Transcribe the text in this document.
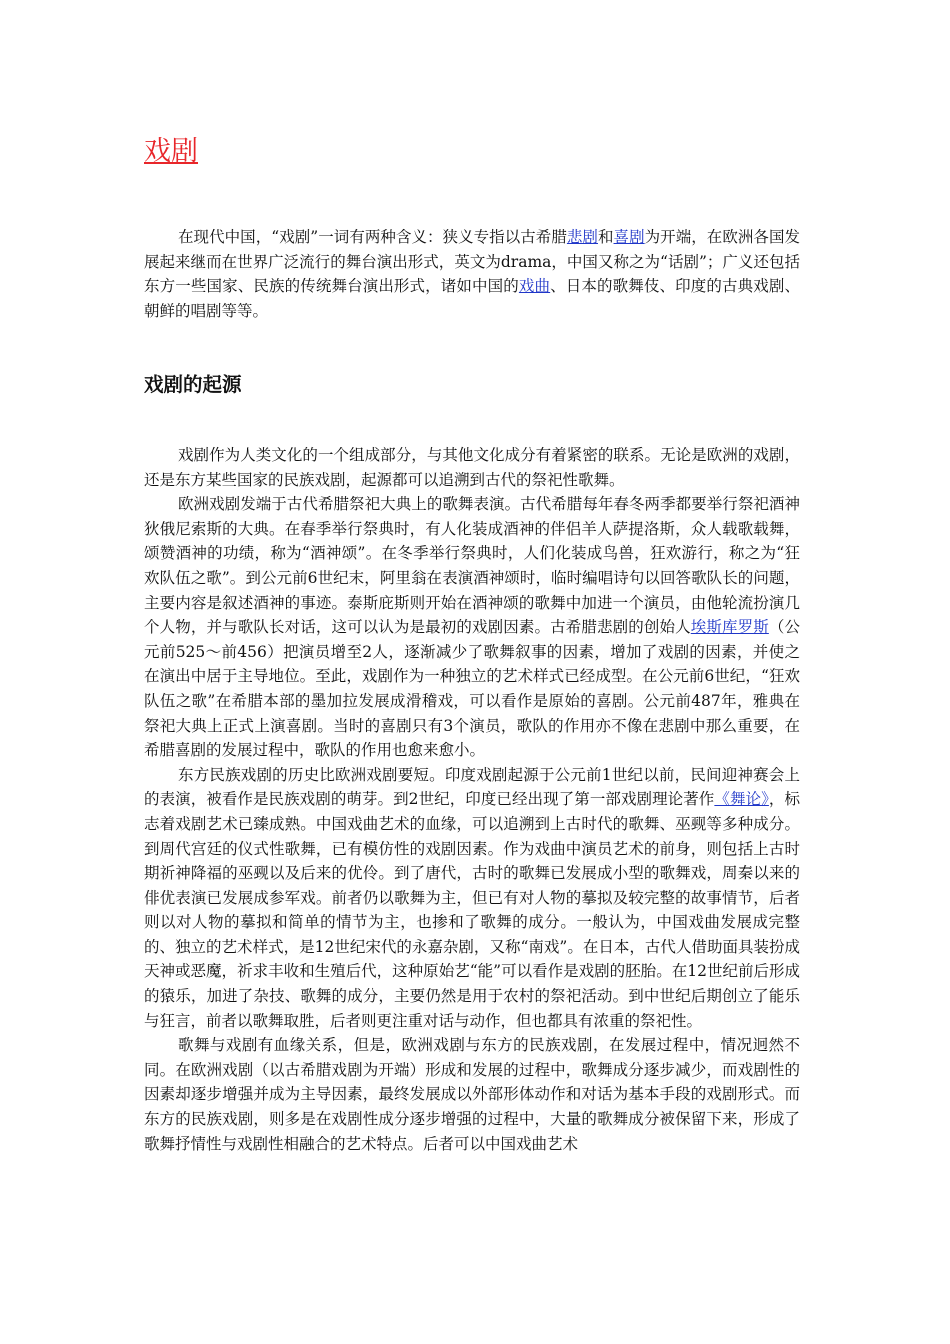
戏剧

在现代中国，“戏剧”一词有两种含义：狭义专指以古希腊悲剧和喜剧为开端，在欧洲各国发展起来继而在世界广泛流行的舞台演出形式，英文为drama，中国又称之为“话剧”；广义还包括东方一些国家、民族的传统舞台演出形式，诸如中国的戏曲、日本的歌舞伎、印度的古典戏剧、朝鲜的唱剧等等。

戏剧的起源

戏剧作为人类文化的一个组成部分，与其他文化成分有着紧密的联系。无论是欧洲的戏剧，还是东方某些国家的民族戏剧，起源都可以追溯到古代的祭祀性歌舞。

欧洲戏剧发端于古代希腊祭祀大典上的歌舞表演。古代希腊每年春冬两季都要举行祭祀酒神狄俄尼索斯的大典。在春季举行祭典时，有人化装成酒神的伴侣羊人萨提洛斯，众人载歌载舞，颂赞酒神的功绩，称为“酒神颂”。在冬季举行祭典时，人们化装成鸟兽，狂欢游行，称之为“狂欢队伍之歌”。到公元前6世纪末，阿里翁在表演酒神颂时，临时编唱诗句以回答歌队长的问题，主要内容是叙述酒神的事迹。泰斯庇斯则开始在酒神颂的歌舞中加进一个演员，由他轮流扮演几个人物，并与歌队长对话，这可以认为是最初的戏剧因素。古希腊悲剧的创始人埃斯库罗斯（公元前525～前456）把演员增至2人，逐渐减少了歌舞叙事的因素，增加了戏剧的因素，并使之在演出中居于主导地位。至此，戏剧作为一种独立的艺术样式已经成型。在公元前6世纪，“狂欢队伍之歌”在希腊本部的墨加拉发展成滑稽戏，可以看作是原始的喜剧。公元前487年，雅典在祭祀大典上正式上演喜剧。当时的喜剧只有3个演员，歌队的作用亦不像在悲剧中那么重要，在希腊喜剧的发展过程中，歌队的作用也愈来愈小。

东方民族戏剧的历史比欧洲戏剧要短。印度戏剧起源于公元前1世纪以前，民间迎神赛会上的表演，被看作是民族戏剧的萌芽。到2世纪，印度已经出现了第一部戏剧理论著作《舞论》，标志着戏剧艺术已臻成熟。中国戏曲艺术的血缘，可以追溯到上古时代的歌舞、巫觋等多种成分。到周代宫廷的仪式性歌舞，已有模仿性的戏剧因素。作为戏曲中演员艺术的前身，则包括上古时期祈神降福的巫觋以及后来的优伶。到了唐代，古时的歌舞已发展成小型的歌舞戏，周秦以来的俳优表演已发展成参军戏。前者仍以歌舞为主，但已有对人物的摹拟及较完整的故事情节，后者则以对人物的摹拟和简单的情节为主，也掺和了歌舞的成分。一般认为，中国戏曲发展成完整的、独立的艺术样式，是12世纪宋代的永嘉杂剧，又称“南戏”。在日本，古代人借助面具装扮成天神或恶魔，祈求丰收和生殖后代，这种原始艺“能”可以看作是戏剧的胚胎。在12世纪前后形成的猿乐，加进了杂技、歌舞的成分，主要仍然是用于农村的祭祀活动。到中世纪后期创立了能乐与狂言，前者以歌舞取胜，后者则更注重对话与动作，但也都具有浓重的祭祀性。

歌舞与戏剧有血缘关系，但是，欧洲戏剧与东方的民族戏剧，在发展过程中，情况迥然不同。在欧洲戏剧（以古希腊戏剧为开端）形成和发展的过程中，歌舞成分逐步减少，而戏剧性的因素却逐步增强并成为主导因素，最终发展成以外部形体动作和对话为基本手段的戏剧形式。而东方的民族戏剧，则多是在戏剧性成分逐步增强的过程中，大量的歌舞成分被保留下来，形成了歌舞抒情性与戏剧性相融合的艺术特点。后者可以中国戏曲艺术
